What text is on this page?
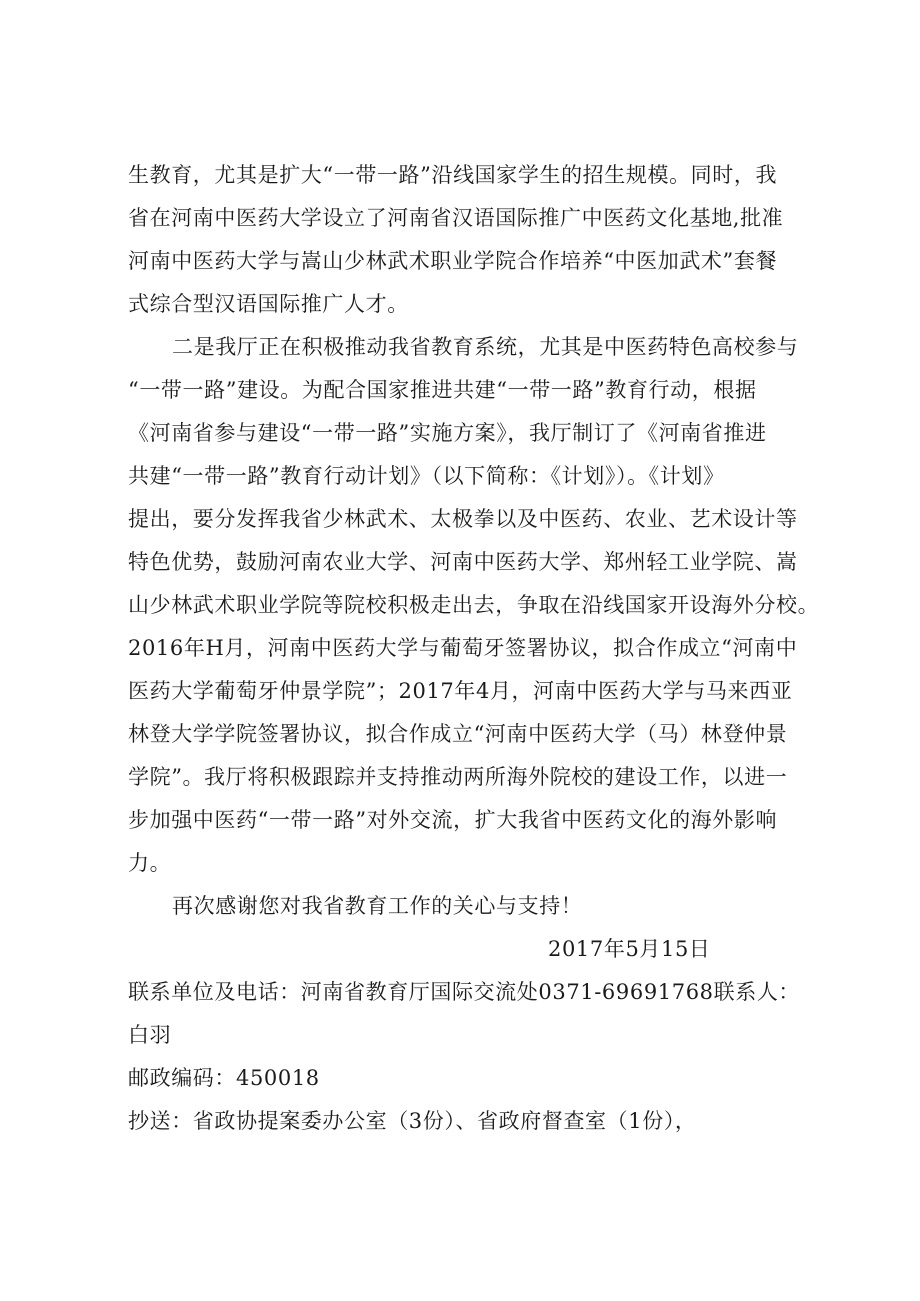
生教育，尤其是扩大“一带一路”沿线国家学生的招生规模。同时，我
省在河南中医药大学设立了河南省汉语国际推广中医药文化基地,批准
河南中医药大学与嵩山少林武术职业学院合作培养“中医加武术”套餐
式综合型汉语国际推广人才。
二是我厅正在积极推动我省教育系统，尤其是中医药特色高校参与
“一带一路”建设。为配合国家推进共建“一带一路”教育行动，根据
《河南省参与建设“一带一路”实施方案》，我厅制订了《河南省推进
共建“一带一路”教育行动计划》（以下简称：《计划》）。《计划》
提出，要分发挥我省少林武术、太极拳以及中医药、农业、艺术设计等
特色优势，鼓励河南农业大学、河南中医药大学、郑州轻工业学院、嵩
山少林武术职业学院等院校积极走出去，争取在沿线国家开设海外分校。
2016年H月，河南中医药大学与葡萄牙签署协议，拟合作成立“河南中
医药大学葡萄牙仲景学院”；2017年4月，河南中医药大学与马来西亚
林登大学学院签署协议，拟合作成立“河南中医药大学（马）林登仲景
学院”。我厅将积极跟踪并支持推动两所海外院校的建设工作，以进一
步加强中医药“一带一路”对外交流，扩大我省中医药文化的海外影响
力。
再次感谢您对我省教育工作的关心与支持！
2017年5月15日
联系单位及电话：河南省教育厅国际交流处0371-69691768联系人：
白羽
邮政编码：450018
抄送：省政协提案委办公室（3份）、省政府督查室（1份），
